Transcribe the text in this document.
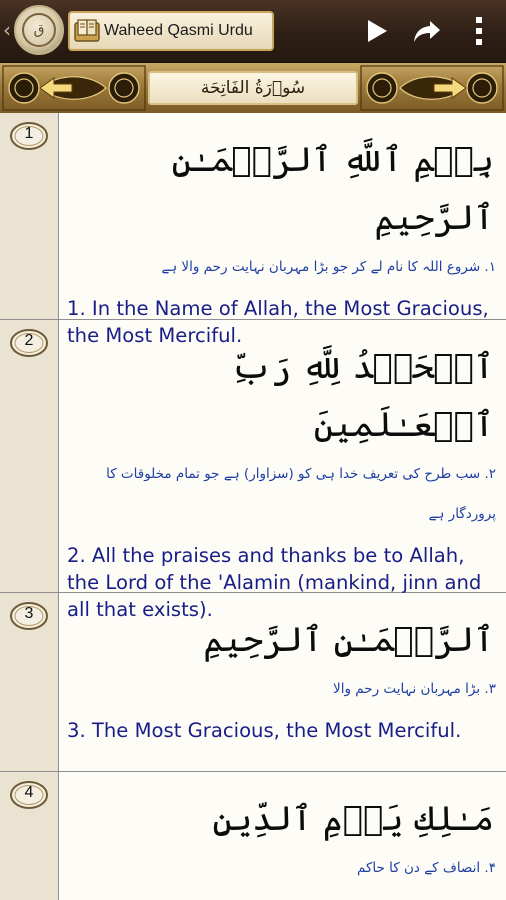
‹	ق	Waheed Qasmi Urdu
سُوۡرَةُ الفَاتِحَة
1
بِسۡمِ ٱللَّهِ ٱلرَّحۡمَـٰنِ ٱلرَّحِيمِ
۱. شروع اللہ کا نام لے کر جو بڑا مہربان نہایت رحم والا ہے
1. In the Name of Allah, the Most Gracious, the Most Merciful.
2
ٱلۡحَمۡدُ لِلَّهِ رَبِّ ٱلۡعَـٰلَمِينَ
۲. سب طرح کی تعریف خدا ہی کو (سزاوار) ہے جو تمام مخلوقات کا پروردگار ہے
2. All the praises and thanks be to Allah, the Lord of the 'Alamin (mankind, jinn and all that exists).
3
ٱلرَّحۡمَـٰنِ ٱلرَّحِيمِ
۳. بڑا مہربان نہایت رحم والا
3. The Most Gracious, the Most Merciful.
4
مَـٰلِكِ يَوۡمِ ٱلدِّينِ
۴. انصاف کے دن کا حاکم
